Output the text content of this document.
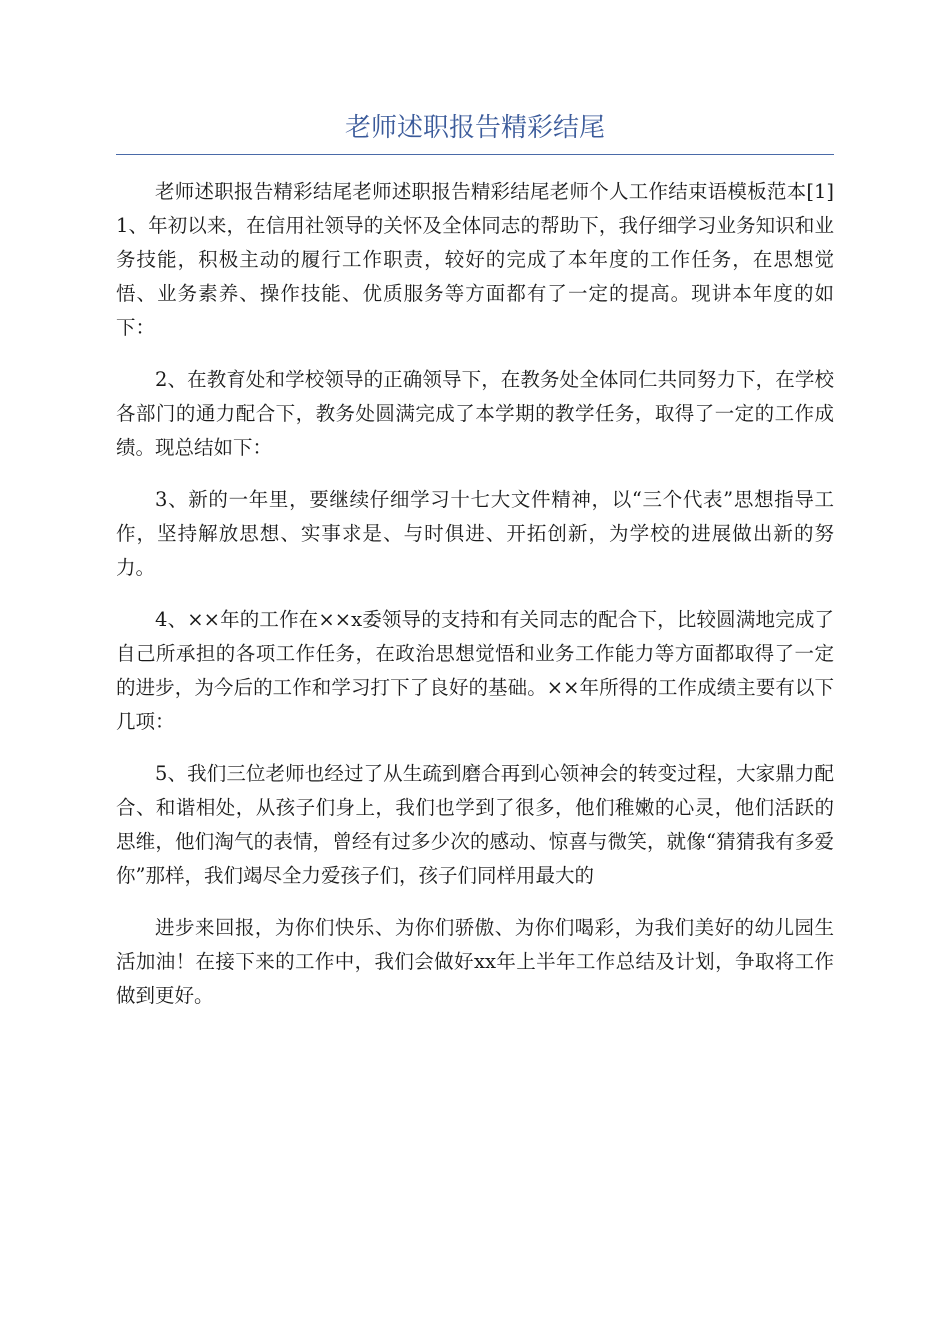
老师述职报告精彩结尾

老师述职报告精彩结尾老师述职报告精彩结尾老师个人工作结束语模板范本[1]1、年初以来，在信用社领导的关怀及全体同志的帮助下，我仔细学习业务知识和业务技能，积极主动的履行工作职责，较好的完成了本年度的工作任务，在思想觉悟、业务素养、操作技能、优质服务等方面都有了一定的提高。现讲本年度的如下：

2、在教育处和学校领导的正确领导下，在教务处全体同仁共同努力下，在学校各部门的通力配合下，教务处圆满完成了本学期的教学任务，取得了一定的工作成绩。现总结如下：

3、新的一年里，要继续仔细学习十七大文件精神，以“三个代表”思想指导工作，坚持解放思想、实事求是、与时俱进、开拓创新，为学校的进展做出新的努力。

4、××年的工作在××x委领导的支持和有关同志的配合下，比较圆满地完成了自己所承担的各项工作任务，在政治思想觉悟和业务工作能力等方面都取得了一定的进步，为今后的工作和学习打下了良好的基础。××年所得的工作成绩主要有以下几项：

5、我们三位老师也经过了从生疏到磨合再到心领神会的转变过程，大家鼎力配合、和谐相处，从孩子们身上，我们也学到了很多，他们稚嫩的心灵，他们活跃的思维，他们淘气的表情，曾经有过多少次的感动、惊喜与微笑，就像“猜猜我有多爱你”那样，我们竭尽全力爱孩子们，孩子们同样用最大的

进步来回报，为你们快乐、为你们骄傲、为你们喝彩，为我们美好的幼儿园生活加油！在接下来的工作中，我们会做好xx年上半年工作总结及计划，争取将工作做到更好。
